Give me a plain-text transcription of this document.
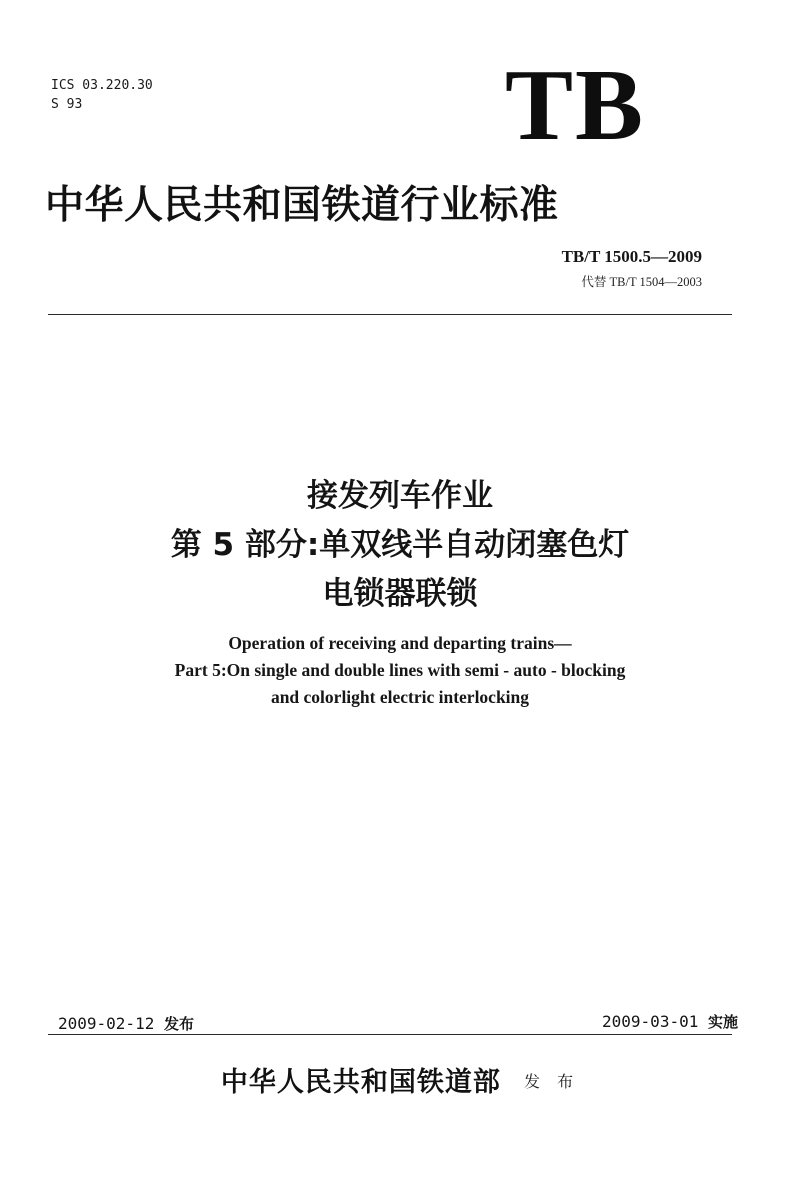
ICS 03.220.30
S 93	TB
中华人民共和国铁道行业标准
TB/T 1500.5—2009
代替 TB/T 1504—2003
接发列车作业
第 5 部分:单双线半自动闭塞色灯
电锁器联锁
Operation of receiving and departing trains—
Part 5:On single and double lines with semi - auto - blocking
and colorlight electric interlocking
2009-02-12 发布	2009-03-01 实施
中华人民共和国铁道部 发 布
